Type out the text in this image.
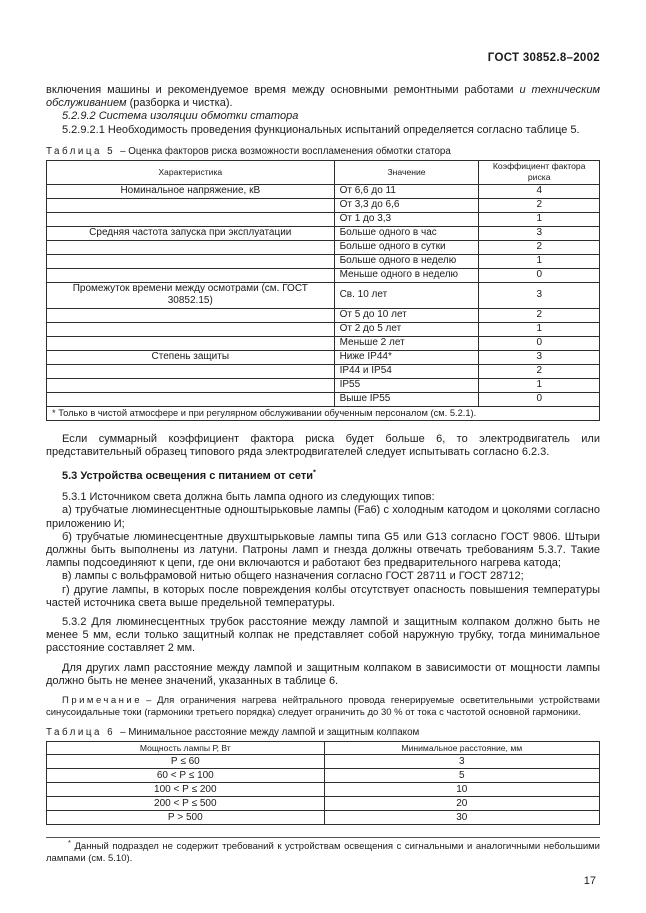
ГОСТ 30852.8–2002

включения машины и рекомендуемое время между основными ремонтными работами и техническим обслуживанием (разборка и чистка).

5.2.9.2 Система изоляции обмотки статора

5.2.9.2.1 Необходимость проведения функциональных испытаний определяется согласно таблице 5.

Таблица 5 – Оценка факторов риска возможности воспламенения обмотки статора

Характеристика	Значение	Коэффициент фактора риска
Номинальное напряжение, кВ	От 6,6 до 11	4
	От 3,3 до 6,6	2
	От 1 до 3,3	1
Средняя частота запуска при эксплуатации	Больше одного в час	3
	Больше одного в сутки	2
	Больше одного в неделю	1
	Меньше одного в неделю	0
Промежуток времени между осмотрами (см. ГОСТ 30852.15)	Св. 10 лет	3
	От 5 до 10 лет	2
	От 2 до 5 лет	1
	Меньше 2 лет	0
Степень защиты	Ниже IP44*	3
	IP44 и IP54	2
	IP55	1
	Выше IP55	0
* Только в чистой атмосфере и при регулярном обслуживании обученным персоналом (см. 5.2.1).		

Если суммарный коэффициент фактора риска будет больше 6, то электродвигатель или представительный образец типового ряда электродвигателей следует испытывать согласно 6.2.3.

5.3 Устройства освещения с питанием от сети*

5.3.1 Источником света должна быть лампа одного из следующих типов:

а) трубчатые люминесцентные одноштырьковые лампы (Fa6) с холодным катодом и цоколями согласно приложению И;

б) трубчатые люминесцентные двухштырьковые лампы типа G5 или G13 согласно ГОСТ 9806. Штыри должны быть выполнены из латуни. Патроны ламп и гнезда должны отвечать требованиям 5.3.7. Такие лампы подсоединяют к цепи, где они включаются и работают без предварительного нагрева катода;

в) лампы с вольфрамовой нитью общего назначения согласно ГОСТ 28711 и ГОСТ 28712;

г) другие лампы, в которых после повреждения колбы отсутствует опасность повышения температуры частей источника света выше предельной температуры.

5.3.2 Для люминесцентных трубок расстояние между лампой и защитным колпаком должно быть не менее 5 мм, если только защитный колпак не представляет собой наружную трубку, тогда минимальное расстояние составляет 2 мм.

Для других ламп расстояние между лампой и защитным колпаком в зависимости от мощности лампы должно быть не менее значений, указанных в таблице 6.

Примечание – Для ограничения нагрева нейтрального провода генерируемые осветительными устройствами синусоидальные токи (гармоники третьего порядка) следует ограничить до 30 % от тока с частотой основной гармоники.

Таблица 6 – Минимальное расстояние между лампой и защитным колпаком

Мощность лампы Р, Вт	Минимальное расстояние, мм
Р ≤ 60	3
60 < Р ≤ 100	5
100 < Р ≤ 200	10
200 < Р ≤ 500	20
Р > 500	30

* Данный подраздел не содержит требований к устройствам освещения с сигнальными и аналогичными небольшими лампами (см. 5.10).

17
